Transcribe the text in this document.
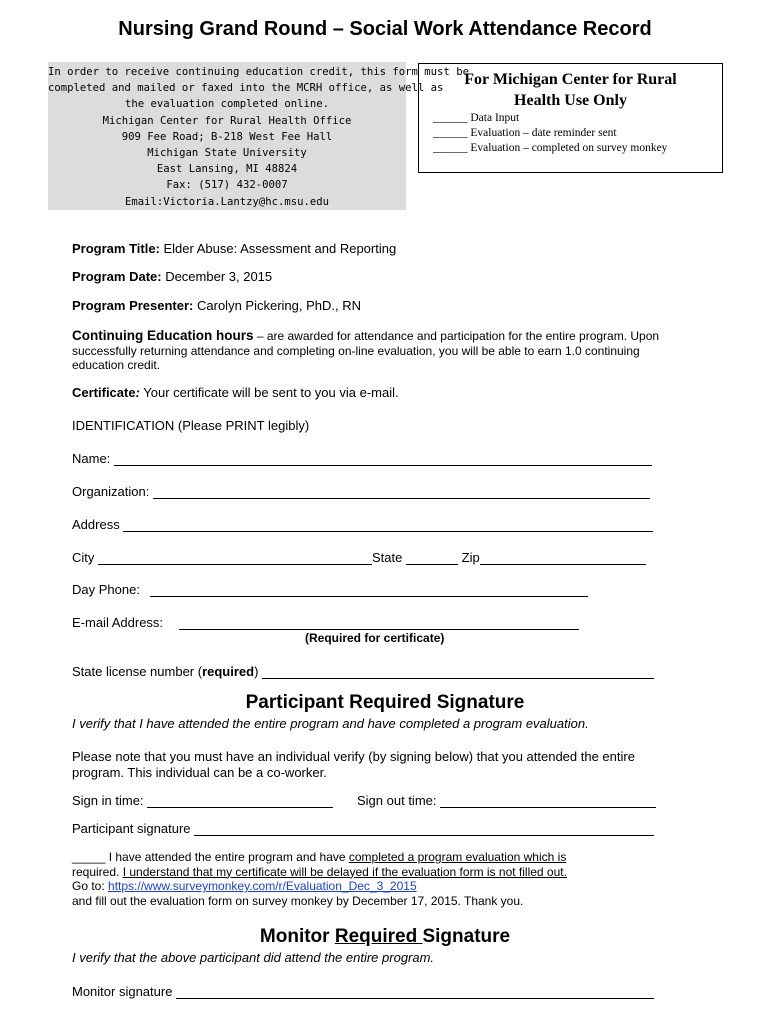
Nursing Grand Round – Social Work Attendance Record
In order to receive continuing education credit, this form must be
completed and mailed or faxed into the MCRH office, as well as
the evaluation completed online.
Michigan Center for Rural Health Office
909 Fee Road; B-218 West Fee Hall
Michigan State University
East Lansing, MI 48824
Fax: (517) 432-0007
Email:Victoria.Lantzy@hc.msu.edu
For Michigan Center for Rural
Health Use Only
______ Data Input
______ Evaluation – date reminder sent
______ Evaluation – completed on survey monkey
Program Title: Elder Abuse: Assessment and Reporting
Program Date: December 3, 2015
Program Presenter: Carolyn Pickering, PhD., RN
Continuing Education hours – are awarded for attendance and participation for the entire program. Upon
successfully returning attendance and completing on-line evaluation, you will be able to earn 1.0 continuing
education credit.
Certificate: Your certificate will be sent to you via e-mail.
IDENTIFICATION (Please PRINT legibly)
Name:
Organization:
Address
City	State	Zip
Day Phone:
E-mail Address:
(Required for certificate)
State license number (required)
Participant Required Signature
I verify that I have attended the entire program and have completed a program evaluation.
Please note that you must have an individual verify (by signing below) that you attended the entire
program. This individual can be a co-worker.
Sign in time:	Sign out time:
Participant signature
_____ I have attended the entire program and have completed a program evaluation which is
required. I understand that my certificate will be delayed if the evaluation form is not filled out.
Go to: https://www.surveymonkey.com/r/Evaluation_Dec_3_2015
and fill out the evaluation form on survey monkey by December 17, 2015. Thank you.
Monitor Required Signature
I verify that the above participant did attend the entire program.
Monitor signature
